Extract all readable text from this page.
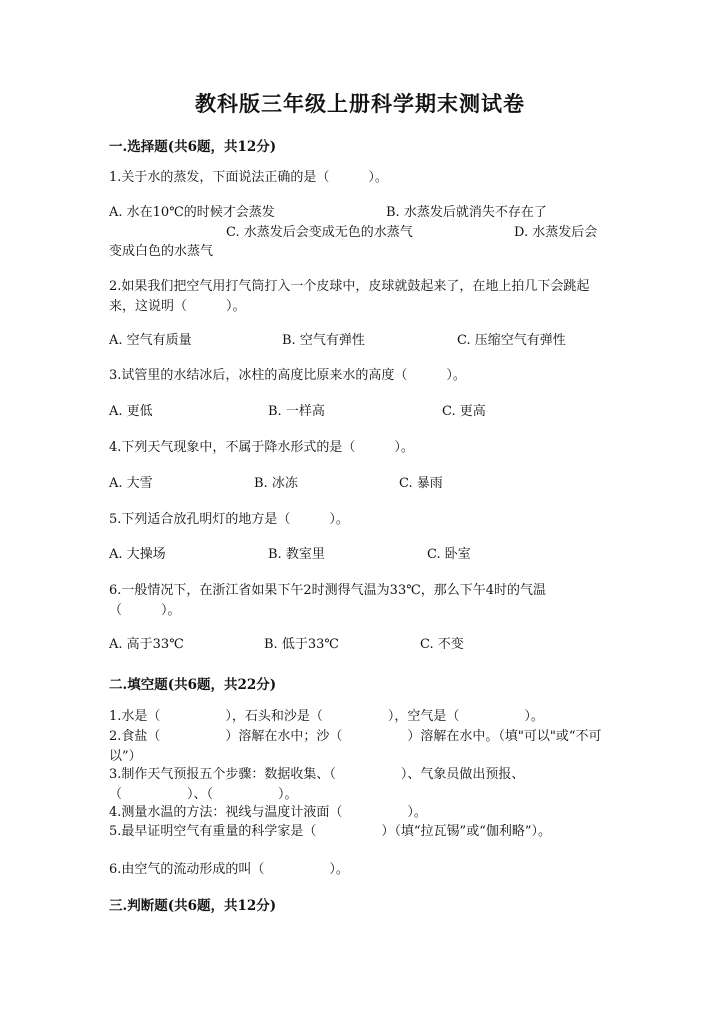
教科版三年级上册科学期末测试卷
一.选择题(共6题，共12分)
1.关于水的蒸发，下面说法正确的是（　　　）。
A. 水在10℃的时候才会蒸发	B. 水蒸发后就消失不存在了
C. 水蒸发后会变成无色的水蒸气	D. 水蒸发后会
变成白色的水蒸气
2.如果我们把空气用打气筒打入一个皮球中，皮球就鼓起来了，在地上拍几下会跳起来，这说明（　　　）。
A. 空气有质量	B. 空气有弹性	C. 压缩空气有弹性
3.试管里的水结冰后，冰柱的高度比原来水的高度（　　　）。
A. 更低	B. 一样高	C. 更高
4.下列天气现象中，不属于降水形式的是（　　　）。
A. 大雪	B. 冰冻	C. 暴雨
5.下列适合放孔明灯的地方是（　　　）。
A. 大操场	B. 教室里	C. 卧室
6.一般情况下，在浙江省如果下午2时测得气温为33℃，那么下午4时的气温（　　　）。
A. 高于33℃	B. 低于33℃	C. 不变
二.填空题(共6题，共22分)
1.水是（　　　　　），石头和沙是（　　　　　），空气是（　　　　　）。
2.食盐（　　　　　）溶解在水中；沙（　　　　　）溶解在水中。（填"可以"或“不可以”）
3.制作天气预报五个步骤：数据收集、（　　　　　）、气象员做出预报、（　　　　　）、（　　　　　）。
4.测量水温的方法：视线与温度计液面（　　　　　）。
5.最早证明空气有重量的科学家是（　　　　　）（填“拉瓦锡”或“伽利略”）。
6.由空气的流动形成的叫（　　　　　）。
三.判断题(共6题，共12分)
